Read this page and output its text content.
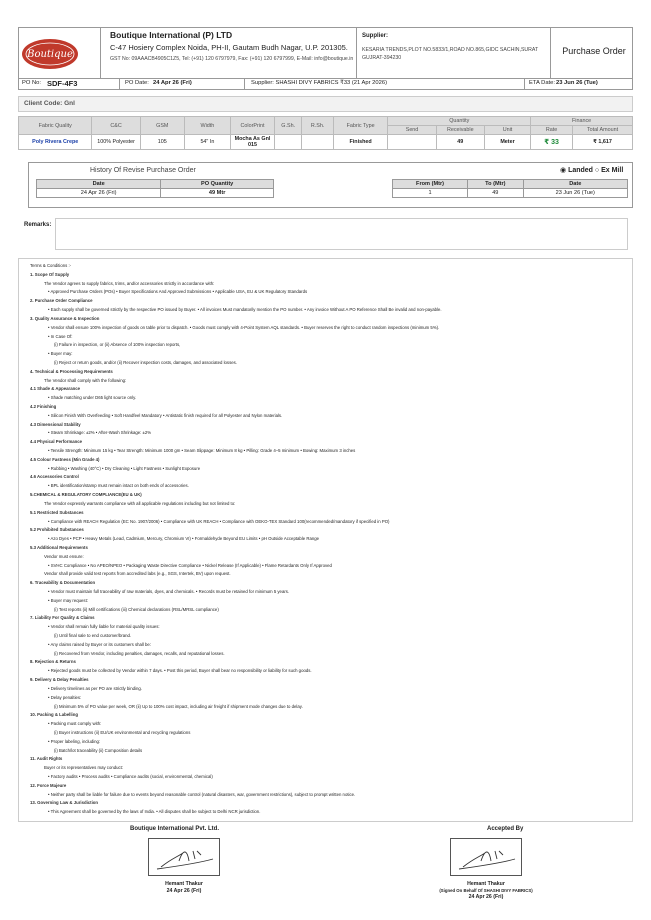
Boutique
Boutique International (P) LTD
C-47 Hosiery Complex Noida, PH-II, Gautam Budh Nagar, U.P. 201305.
GST No: 09AAACB4905C1Z5, Tel: (+91) 120 6797979, Fax: (+91) 120 6797999, E-Mail: info@boutique.in
Supplier:
KESARIA TRENDS,PLOT NO.5833/1,ROAD NO.865,GIDC SACHIN,SURAT GUJRAT-394230
Purchase Order
PO No: SDF-4F3	PO Date: 24 Apr 26 (Fri)	Supplier: SHASHI DIVY FABRICS ₹33 (21 Apr 2026)	ETA Date: 23 Jun 26 (Tue)
Client Code: Gnl
Fabric Quality	C&C	GSM	Width	ColorPrint	G.Sh.	R.Sh.	Fabric Type	Quantity			Finance	
								Send	Receivable	Unit	Rate	Total Amount
Poly Rivera Crepe	100% Polyester	105	54" In	Mocha As Gnl 015			Finished		49	Meter	₹ 33	₹ 1,617
History Of Revise Purchase Order	◉ Landed ○ Ex Mill
Date	PO Quantity
24 Apr 26 (Fri)	49 Mtr
From (Mtr)	To (Mtr)	Date
1	49	23 Jun 26 (Tue)
Remarks:
Terms & Conditions :-
1. Scope Of Supply
The Vendor agrees to supply fabrics, trims, and/or accessories strictly in accordance with:
• Approved Purchase Orders (POs) • Buyer Specifications And Approved Submissions • Applicable USA, EU & UK Regulatory Standards
2. Purchase Order Compliance
• Each supply shall be governed strictly by the respective PO issued by Buyer. • All invoices Must mandatorily mention the PO number. • Any invoice Without A PO Reference Shall Be invalid and non-payable.
3. Quality Assurance & Inspection
• Vendor shall ensure 100% inspection of goods on table prior to dispatch. • Goods must comply with 4-Point System AQL standards. • Buyer reserves the right to conduct random inspections (minimum 5%).
• In Case Of:
(i) Failure in inspection, or (ii) Absence of 100% inspection reports,
• Buyer may:
(i) Reject or return goods, and/or (ii) Recover inspection costs, damages, and associated losses.
4. Technical & Processing Requirements
The Vendor shall comply with the following:
4.1 Shade & Appearance
• Shade matching under D65 light source only.
4.2 Finishing
• Silicon Finish With Overfeeding • Soft Handfeel Mandatory • Antistatic finish required for all Polyester and Nylon materials.
4.3 Dimensional Stability
• Steam Shrinkage: ±2% • After-Wash Shrinkage: ±2%
4.4 Physical Performance
• Tensile Strength: Minimum 15 kg • Tear Strength: Minimum 1000 gm • Seam Slippage: Minimum 8 kg • Pilling: Grade 4–5 minimum • Bowing: Maximum 3 inches
4.5 Colour Fastness (Min Grade 4)
• Rubbing • Washing (40°C) • Dry Cleaning • Light Fastness • Sunlight Exposure
4.6 Accessories Control
• BPL identification/stamp must remain intact on both ends of accessories.
5.CHEMICAL & REGULATORY COMPLIANCE(EU & UK)
The Vendor expressly warrants compliance with all applicable regulations including but not limited to:
5.1 Restricted Substances
• Compliance with REACH Regulation (EC No. 1907/2006) • Compliance with UK REACH • Compliance with OEKO-TEX Standard 100(recommended/mandatory if specified in PO)
5.2 Prohibited Substances
• Azo Dyes • PCP • Heavy Metals (Lead, Cadmium, Mercury, Chromium VI) • Formaldehyde Beyond EU Limits • pH Outside Acceptable Range
5.3 Additional Requirements
Vendor must ensure:
• SVHC Compliance • No APEO/NPEO • Packaging Waste Directive Compliance • Nickel Release (If Applicable) • Flame Retardants Only If Approved
Vendor shall provide valid test reports from accredited labs (e.g., SGS, Intertek, BV) upon request.
6. Traceability & Documentation
• Vendor must maintain full traceability of raw materials, dyes, and chemicals. • Records must be retained for minimum 5 years.
• Buyer may request:
(i) Test reports (ii) Mill certifications (iii) Chemical declarations (RSL/MRSL compliance)
7. Liability For Quality & Claims
• Vendor shall remain fully liable for material quality issues:
(i) Until final sale to end customer/brand.
• Any claims raised by Buyer or its customers shall be:
(i) Recovered from Vendor, including penalties, damages, recalls, and reputational losses.
8. Rejection & Returns
• Rejected goods must be collected by Vendor within 7 days. • Post this period, Buyer shall bear no responsibility or liability for such goods.
9. Delivery & Delay Penalties
• Delivery timelines as per PO are strictly binding.
• Delay penalties:
(i) Minimum 5% of PO value per week, OR (ii) Up to 100% cost impact, including air freight if shipment mode changes due to delay.
10. Packing & Labelling
• Packing must comply with:
(i) Buyer instructions (ii) EU/UK environmental and recycling regulations
• Proper labeling, including:
(i) Batch/lot traceability (ii) Composition details
11. Audit Rights
Buyer or its representatives may conduct:
• Factory audits • Process audits • Compliance audits (social, environmental, chemical)
12. Force Majeure
• Neither party shall be liable for failure due to events beyond reasonable control (natural disasters, war, government restrictions), subject to prompt written notice.
13. Governing Law & Jurisdiction
• This Agreement shall be governed by the laws of India. • All disputes shall be subject to Delhi NCR jurisdiction.
Boutique International Pvt. Ltd.	Accepted By
Hemant Thakur
24 Apr 26 (Fri)
Hemant Thakur
(Signed On Behalf Of SHASHI DIVY FABRICS)
24 Apr 26 (Fri)
